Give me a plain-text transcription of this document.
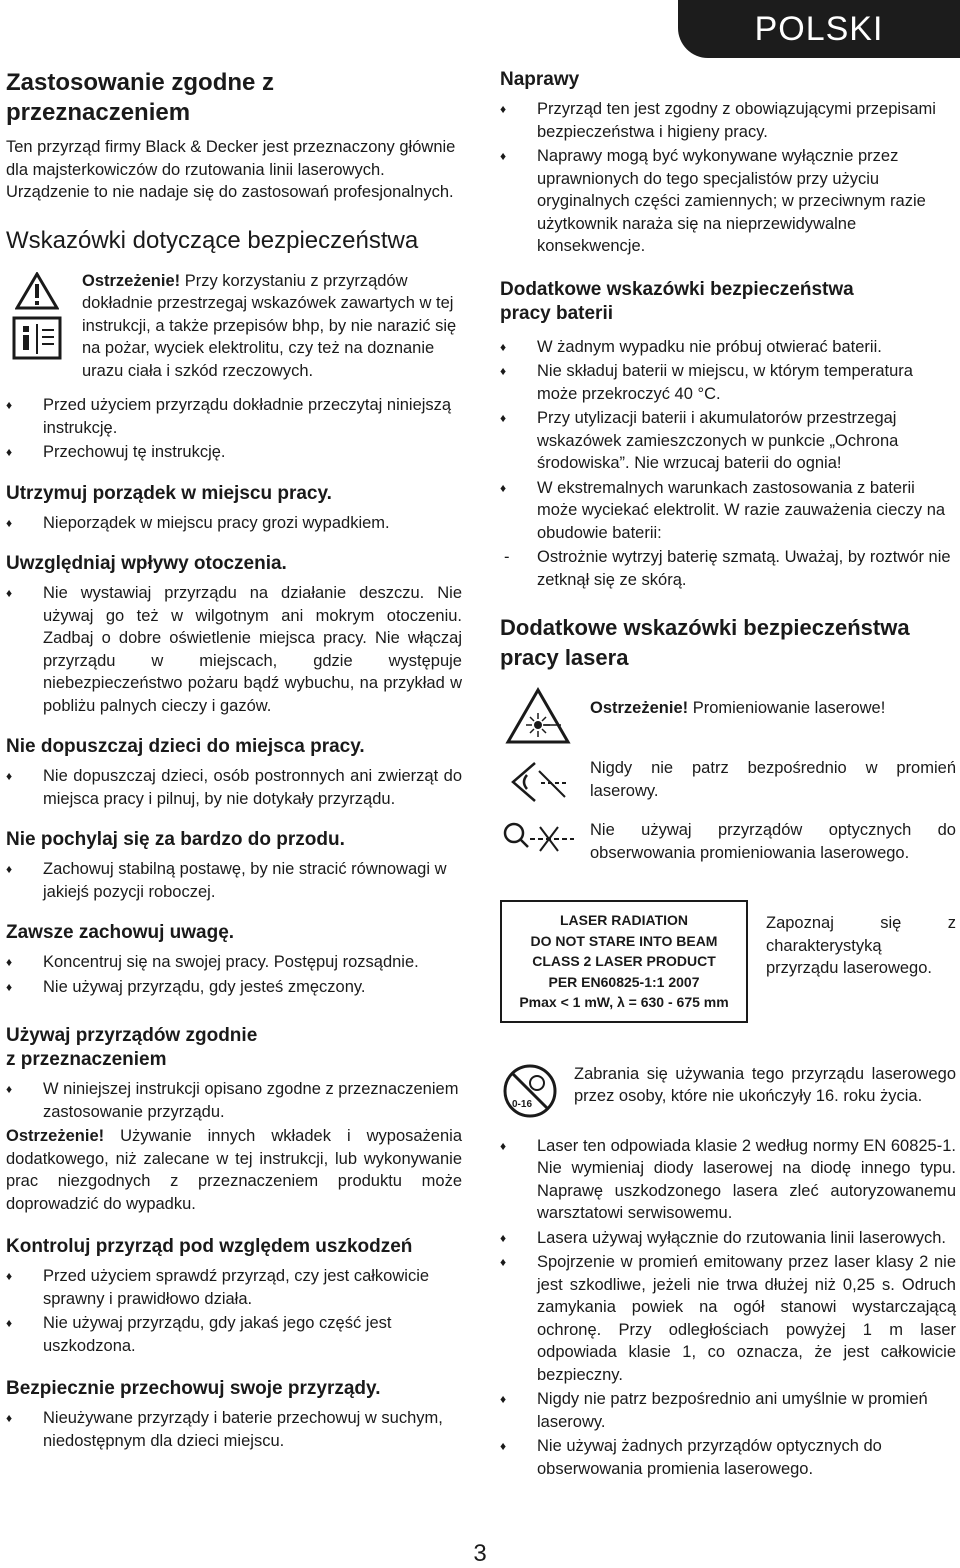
POLSKI
Zastosowanie zgodne z przeznaczeniem

Ten przyrząd firmy Black & Decker jest przeznaczony głównie dla majsterkowiczów do rzutowania linii laserowych. Urządzenie to nie nadaje się do zastosowań profesjonalnych.

Wskazówki dotyczące bezpieczeństwa

Ostrzeżenie! Przy korzystaniu z przyrządów dokładnie przestrzegaj wskazówek zawartych w tej instrukcji, a także przepisów bhp, by nie narazić się na pożar, wyciek elektrolitu, czy też na doznanie urazu ciała i szkód rzeczowych.

♦ Przed użyciem przyrządu dokładnie przeczytaj niniejszą instrukcję.
♦ Przechowuj tę instrukcję.
Utrzymuj porządek w miejscu pracy.
♦ Nieporządek w miejscu pracy grozi wypadkiem.
Uwzględniaj wpływy otoczenia.
♦ Nie wystawiaj przyrządu na działanie deszczu. Nie używaj go też w wilgotnym ani mokrym otoczeniu. Zadbaj o dobre oświetlenie miejsca pracy. Nie włączaj przyrządu w miejscach, gdzie występuje niebezpieczeństwo pożaru bądź wybuchu, na przykład w pobliżu palnych cieczy i gazów.
Nie dopuszczaj dzieci do miejsca pracy.
♦ Nie dopuszczaj dzieci, osób postronnych ani zwierząt do miejsca pracy i pilnuj, by nie dotykały przyrządu.
Nie pochylaj się za bardzo do przodu.
♦ Zachowuj stabilną postawę, by nie stracić równowagi w jakiejś pozycji roboczej.
Zawsze zachowuj uwagę.
♦ Koncentruj się na swojej pracy. Postępuj rozsądnie.
♦ Nie używaj przyrządu, gdy jesteś zmęczony.
Używaj przyrządów zgodnie
z przeznaczeniem
♦ W niniejszej instrukcji opisano zgodne z przeznaczeniem zastosowanie przyrządu.

Ostrzeżenie! Używanie innych wkładek i wyposażenia dodatkowego, niż zalecane w tej instrukcji, lub wykonywanie prac niezgodnych z przeznaczeniem produktu może doprowadzić do wypadku.

Kontroluj przyrząd pod względem uszkodzeń
♦ Przed użyciem sprawdź przyrząd, czy jest całkowicie sprawny i prawidłowo działa.
♦ Nie używaj przyrządu, gdy jakaś jego część jest uszkodzona.
Bezpiecznie przechowuj swoje przyrządy.
♦ Nieużywane przyrządy i baterie przechowuj w suchym, niedostępnym dla dzieci miejscu.
Naprawy
♦ Przyrząd ten jest zgodny z obowiązującymi przepisami bezpieczeństwa i higieny pracy.
♦ Naprawy mogą być wykonywane wyłącznie przez uprawnionych do tego specjalistów przy użyciu oryginalnych części zamiennych; w przeciwnym razie użytkownik naraża się na nieprzewidywalne konsekwencje.
Dodatkowe wskazówki bezpieczeństwa
pracy baterii
♦ W żadnym wypadku nie próbuj otwierać baterii.
♦ Nie składuj baterii w miejscu, w którym temperatura może przekroczyć 40 °C.
♦ Przy utylizacji baterii i akumulatorów przestrzegaj wskazówek zamieszczonych w punkcie „Ochrona środowiska”. Nie wrzucaj baterii do ognia!
♦ W ekstremalnych warunkach zastosowania z baterii może wyciekać elektrolit. W razie zauważenia cieczy na obudowie baterii:
- Ostrożnie wytrzyj baterię szmatą. Uważaj, by roztwór nie zetknął się ze skórą.
Dodatkowe wskazówki bezpieczeństwa
pracy lasera

Ostrzeżenie! Promieniowanie laserowe!

Nigdy nie patrz bezpośrednio w promień laserowy.

Nie używaj przyrządów optycznych do obserwowania promieniowania laserowego.

LASER RADIATION
DO NOT STARE INTO BEAM
CLASS 2 LASER PRODUCT
PER EN60825-1:1 2007
Pmax < 1 mW, λ = 630 - 675 mm

Zapoznaj się z charakterystyką przyrządu laserowego.

0-16

Zabrania się używania tego przyrządu laserowego przez osoby, które nie ukończyły 16. roku życia.

♦ Laser ten odpowiada klasie 2 według normy EN 60825-1. Nie wymieniaj diody laserowej na diodę innego typu. Naprawę uszkodzonego lasera zleć autoryzowanemu warsztatowi serwisowemu.
♦ Lasera używaj wyłącznie do rzutowania linii laserowych.
♦ Spojrzenie w promień emitowany przez laser klasy 2 nie jest szkodliwe, jeżeli nie trwa dłużej niż 0,25 s. Odruch zamykania powiek na ogół stanowi wystarczającą ochronę. Przy odległościach powyżej 1 m laser odpowiada klasie 1, co oznacza, że jest całkowicie bezpieczny.
♦ Nigdy nie patrz bezpośrednio ani umyślnie w promień laserowy.
♦ Nie używaj żadnych przyrządów optycznych do obserwowania promienia laserowego.
3
